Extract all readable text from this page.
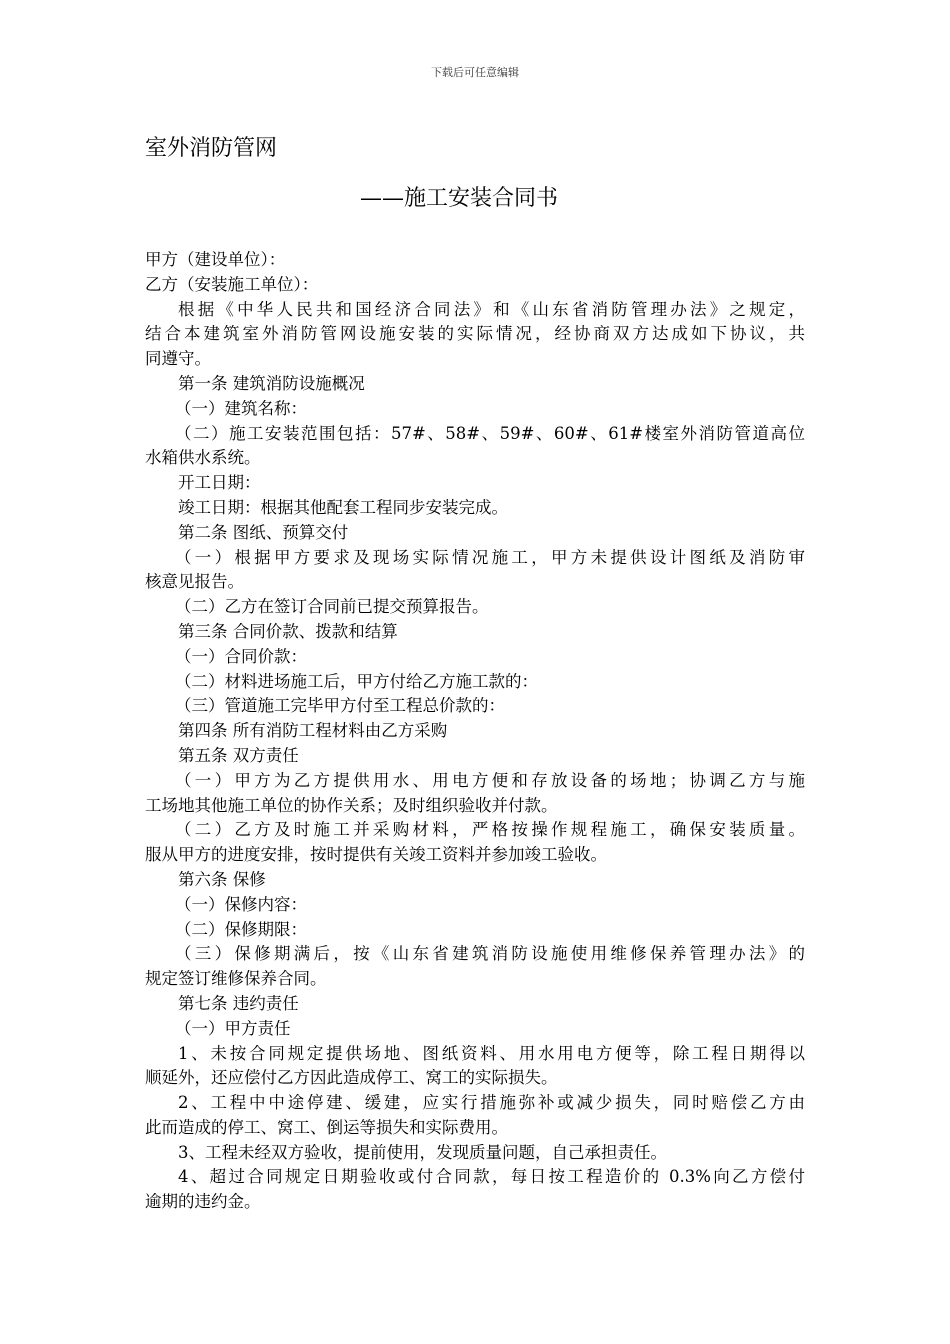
下载后可任意编辑
室外消防管网
——施工安装合同书
甲方（建设单位）：
乙方（安装施工单位）：
根据《中华人民共和国经济合同法》和《山东省消防管理办法》之规定，
结合本建筑室外消防管网设施安装的实际情况，经协商双方达成如下协议，共
同遵守。
第一条 建筑消防设施概况
（一）建筑名称：
（二）施工安装范围包括：57#、58#、59#、60#、61#楼室外消防管道高位
水箱供水系统。
开工日期：
竣工日期：根据其他配套工程同步安装完成。
第二条 图纸、预算交付
（一）根据甲方要求及现场实际情况施工，甲方未提供设计图纸及消防审
核意见报告。
（二）乙方在签订合同前已提交预算报告。
第三条 合同价款、拨款和结算
（一）合同价款：
（二）材料进场施工后，甲方付给乙方施工款的：
（三）管道施工完毕甲方付至工程总价款的：
第四条 所有消防工程材料由乙方采购
第五条 双方责任
（一）甲方为乙方提供用水、用电方便和存放设备的场地；协调乙方与施
工场地其他施工单位的协作关系；及时组织验收并付款。
（二）乙方及时施工并采购材料，严格按操作规程施工，确保安装质量。
服从甲方的进度安排，按时提供有关竣工资料并参加竣工验收。
第六条 保修
（一）保修内容：
（二）保修期限：
（三）保修期满后，按《山东省建筑消防设施使用维修保养管理办法》的
规定签订维修保养合同。
第七条 违约责任
（一）甲方责任
1、未按合同规定提供场地、图纸资料、用水用电方便等，除工程日期得以
顺延外，还应偿付乙方因此造成停工、窝工的实际损失。
2、工程中中途停建、缓建，应实行措施弥补或减少损失，同时赔偿乙方由
此而造成的停工、窝工、倒运等损失和实际费用。
3、工程未经双方验收，提前使用，发现质量问题，自己承担责任。
4、超过合同规定日期验收或付合同款，每日按工程造价的 0.3%向乙方偿付
逾期的违约金。
